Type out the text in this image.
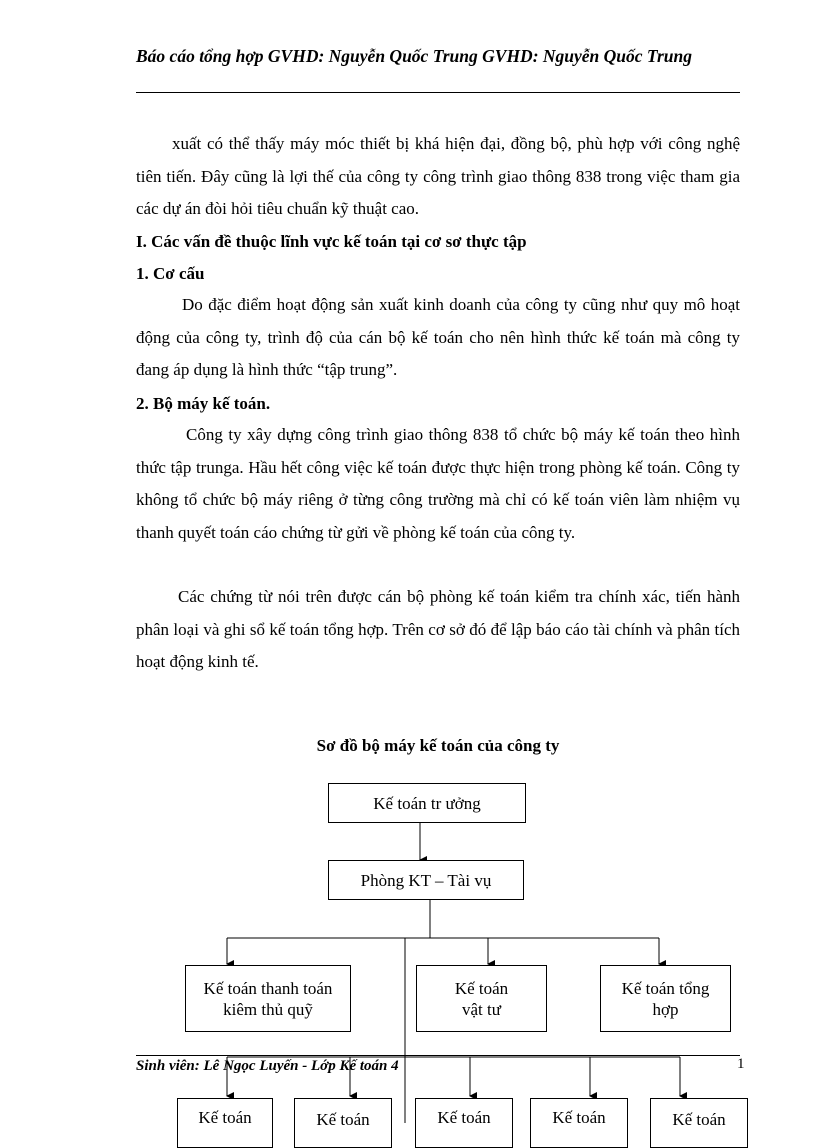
Báo cáo tổng hợp GVHD: Nguyễn Quốc Trung GVHD: Nguyễn Quốc Trung

xuất có thể thấy máy móc thiết bị khá hiện đại, đồng bộ, phù hợp với công nghệ tiên tiến. Đây cũng là lợi thế của công ty công trình giao thông 838 trong việc tham gia các dự án đòi hỏi tiêu chuẩn kỹ thuật cao.

I. Các vấn đề thuộc lĩnh vực kế toán tại cơ sơ thực tập

1. Cơ cấu

Do đặc điểm hoạt động sản xuất kinh doanh của công ty cũng như quy mô hoạt động của công ty, trình độ của cán bộ kế toán cho nên hình thức kế toán mà công ty đang áp dụng là hình thức “tập trung”.

2. Bộ máy kế toán.

Công ty xây dựng công trình giao thông 838 tổ chức bộ máy kế toán theo hình thức tập trunga. Hầu hết công việc kế toán được thực hiện trong phòng kế toán. Công ty không tổ chức bộ máy riêng ở từng công trường mà chỉ có kế toán viên làm nhiệm vụ thanh quyết toán cáo chứng từ gửi về phòng kế toán của công ty.

Các chứng từ nói trên được cán bộ phòng kế toán kiểm tra chính xác, tiến hành phân loại và ghi sổ kế toán tổng hợp. Trên cơ sở đó để lập báo cáo tài chính và phân tích hoạt động kinh tế.

Sơ đồ bộ máy kế toán của công ty
Kế toán tr ưởng
Phòng KT – Tài vụ
Kế toán thanh toán
kiêm thủ quỹ
Kế toán
vật tư
Kế toán tổng
hợp
Kế toán	Kế toán	Kế toán	Kế toán	Kế toán
Sinh viên: Lê Ngọc Luyến - Lớp Kế toán 4	1
